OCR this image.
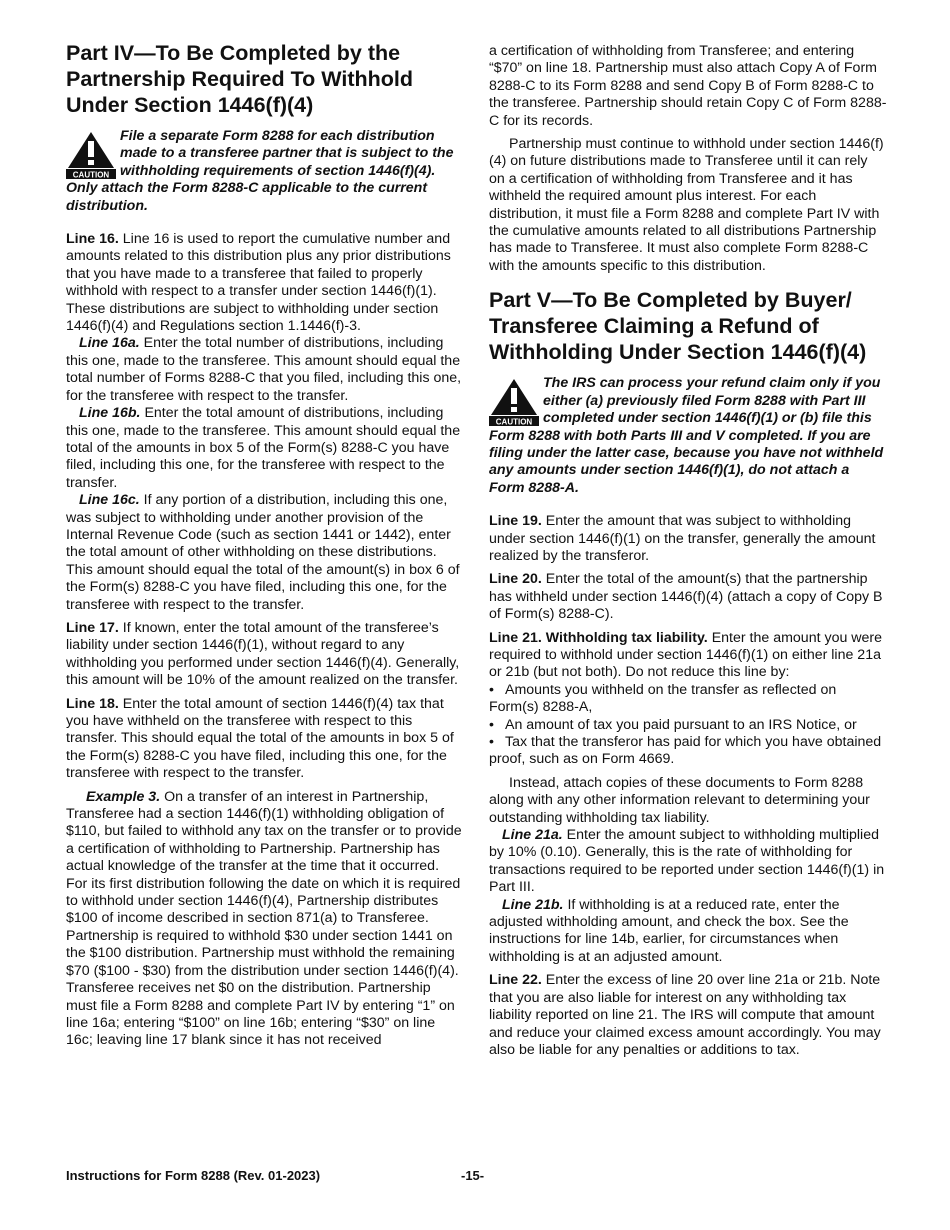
Part IV—To Be Completed by the Partnership Required To Withhold Under Section 1446(f)(4)
CAUTION

File a separate Form 8288 for each distribution made to a transferee partner that is subject to the withholding requirements of section 1446(f)(4). Only attach the Form 8288-C applicable to the current distribution.

Line 16. Line 16 is used to report the cumulative number and amounts related to this distribution plus any prior distributions that you have made to a transferee that failed to properly withhold with respect to a transfer under section 1446(f)(1). These distributions are subject to withholding under section 1446(f)(4) and Regulations section 1.1446(f)-3.

Line 16a. Enter the total number of distributions, including this one, made to the transferee. This amount should equal the total number of Forms 8288-C that you filed, including this one, for the transferee with respect to the transfer.

Line 16b. Enter the total amount of distributions, including this one, made to the transferee. This amount should equal the total of the amounts in box 5 of the Form(s) 8288-C you have filed, including this one, for the transferee with respect to the transfer.

Line 16c. If any portion of a distribution, including this one, was subject to withholding under another provision of the Internal Revenue Code (such as section 1441 or 1442), enter the total amount of other withholding on these distributions. This amount should equal the total of the amount(s) in box 6 of the Form(s) 8288-C you have filed, including this one, for the transferee with respect to the transfer.

Line 17. If known, enter the total amount of the transferee’s liability under section 1446(f)(1), without regard to any withholding you performed under section 1446(f)(4). Generally, this amount will be 10% of the amount realized on the transfer.

Line 18. Enter the total amount of section 1446(f)(4) tax that you have withheld on the transferee with respect to this transfer. This should equal the total of the amounts in box 5 of the Form(s) 8288-C you have filed, including this one, for the transferee with respect to the transfer.

Example 3. On a transfer of an interest in Partnership, Transferee had a section 1446(f)(1) withholding obligation of $110, but failed to withhold any tax on the transfer or to provide a certification of withholding to Partnership. Partnership has actual knowledge of the transfer at the time that it occurred. For its first distribution following the date on which it is required to withhold under section 1446(f)(4), Partnership distributes $100 of income described in section 871(a) to Transferee. Partnership is required to withhold $30 under section 1441 on the $100 distribution. Partnership must withhold the remaining $70 ($100 - $30) from the distribution under section 1446(f)(4). Transferee receives net $0 on the distribution. Partnership must file a Form 8288 and complete Part IV by entering “1” on line 16a; entering “$100” on line 16b; entering “$30” on line 16c; leaving line 17 blank since it has not received

a certification of withholding from Transferee; and entering “$70” on line 18. Partnership must also attach Copy A of Form 8288-C to its Form 8288 and send Copy B of Form 8288-C to the transferee. Partnership should retain Copy C of Form 8288-C for its records.

Partnership must continue to withhold under section 1446(f)(4) on future distributions made to Transferee until it can rely on a certification of withholding from Transferee and it has withheld the required amount plus interest. For each distribution, it must file a Form 8288 and complete Part IV with the cumulative amounts related to all distributions Partnership has made to Transferee. It must also complete Form 8288-C with the amounts specific to this distribution.

Part V—To Be Completed by Buyer/ Transferee Claiming a Refund of Withholding Under Section 1446(f)(4)
CAUTION

The IRS can process your refund claim only if you either (a) previously filed Form 8288 with Part III completed under section 1446(f)(1) or (b) file this Form 8288 with both Parts III and V completed. If you are filing under the latter case, because you have not withheld any amounts under section 1446(f)(1), do not attach a Form 8288-A.

Line 19. Enter the amount that was subject to withholding under section 1446(f)(1) on the transfer, generally the amount realized by the transferor.

Line 20. Enter the total of the amount(s) that the partnership has withheld under section 1446(f)(4) (attach a copy of Copy B of Form(s) 8288-C).

Line 21. Withholding tax liability. Enter the amount you were required to withhold under section 1446(f)(1) on either line 21a or 21b (but not both). Do not reduce this line by:

• Amounts you withheld on the transfer as reflected on Form(s) 8288-A,

• An amount of tax you paid pursuant to an IRS Notice, or

• Tax that the transferor has paid for which you have obtained proof, such as on Form 4669.

Instead, attach copies of these documents to Form 8288 along with any other information relevant to determining your outstanding withholding tax liability.

Line 21a. Enter the amount subject to withholding multiplied by 10% (0.10). Generally, this is the rate of withholding for transactions required to be reported under section 1446(f)(1) in Part III.

Line 21b. If withholding is at a reduced rate, enter the adjusted withholding amount, and check the box. See the instructions for line 14b, earlier, for circumstances when withholding is at an adjusted amount.

Line 22. Enter the excess of line 20 over line 21a or 21b. Note that you are also liable for interest on any withholding tax liability reported on line 21. The IRS will compute that amount and reduce your claimed excess amount accordingly. You may also be liable for any penalties or additions to tax.

Instructions for Form 8288 (Rev. 01-2023)	-15-
